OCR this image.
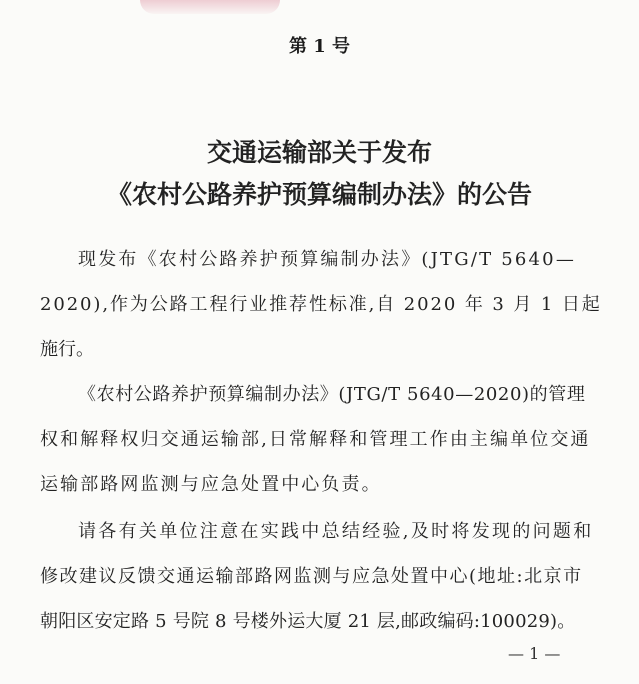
第 1 号
交通运输部关于发布
《农村公路养护预算编制办法》的公告
现发布《农村公路养护预算编制办法》(JTG/T 5640—
2020),作为公路工程行业推荐性标准,自 2020 年 3 月 1 日起
施行。
《农村公路养护预算编制办法》(JTG/T 5640—2020)的管理
权和解释权归交通运输部,日常解释和管理工作由主编单位交通
运输部路网监测与应急处置中心负责。
请各有关单位注意在实践中总结经验,及时将发现的问题和
修改建议反馈交通运输部路网监测与应急处置中心(地址:北京市
朝阳区安定路 5 号院 8 号楼外运大厦 21 层,邮政编码:100029)。
— 1 —
